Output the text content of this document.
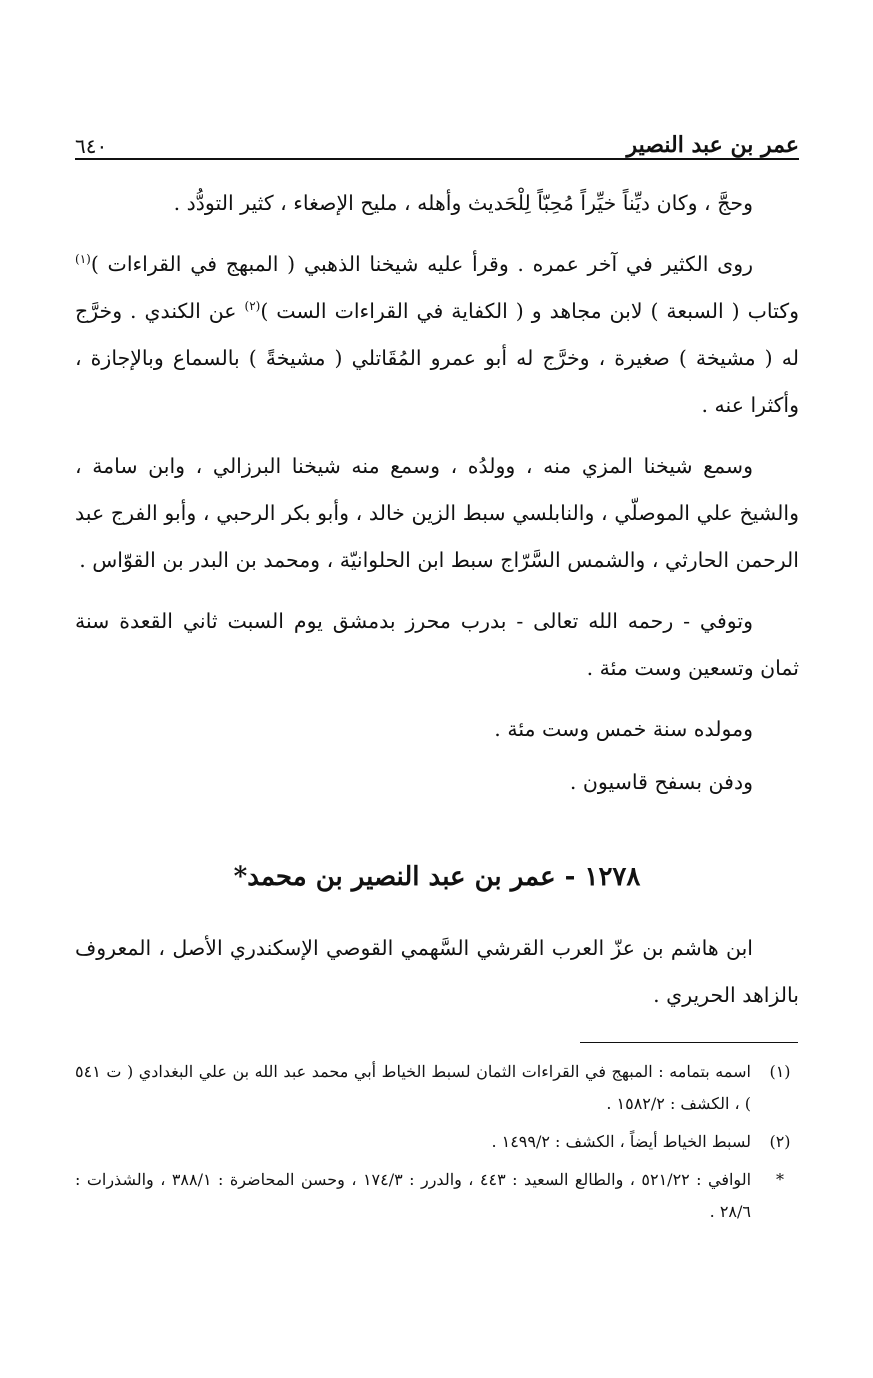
عمر بن عبد النصير
٦٤٠

وحجَّ ، وكان ديِّناً خيِّراً مُحِبّاً لِلْحَديث وأهله ، مليح الإصغاء ، كثير التودُّد .

روى الكثير في آخر عمره . وقرأ عليه شيخنا الذهبي ( المبهج في القراءات )$^{(١)}$ وكتاب ( السبعة ) لابن مجاهد و ( الكفاية في القراءات الست )$^{(٢)}$ عن الكندي . وخرَّج له ( مشيخة ) صغيرة ، وخرَّج له أبو عمرو المُقَاتلي ( مشيخةً ) بالسماع وبالإجازة ، وأكثرا عنه .

وسمع شيخنا المزي منه ، وولدُه ، وسمع منه شيخنا البرزالي ، وابن سامة ، والشيخ علي الموصلّي ، والنابلسي سبط الزين خالد ، وأبو بكر الرحبي ، وأبو الفرج عبد الرحمن الحارثي ، والشمس السَّرّاج سبط ابن الحلوانيّة ، ومحمد بن البدر بن القوّاس .

وتوفي - رحمه الله تعالى - بدرب محرز بدمشق يوم السبت ثاني القعدة سنة ثمان وتسعين وست مئة .

ومولده سنة خمس وست مئة .

ودفن بسفح قاسيون .

١٢٧٨ - عمر بن عبد النصير بن محمد*

ابن هاشم بن عزّ العرب القرشي السَّهمي القوصي الإسكندري الأصل ، المعروف بالزاهد الحريري .

(١)
اسمه بتمامه : المبهج في القراءات الثمان لسبط الخياط أبي محمد عبد الله بن علي البغدادي ( ت ٥٤١ ) ، الكشف : ١٥٨٢/٢ .
(٢)
لسبط الخياط أيضاً ، الكشف : ١٤٩٩/٢ .
*
الوافي : ٥٢١/٢٢ ، والطالع السعيد : ٤٤٣ ، والدرر : ١٧٤/٣ ، وحسن المحاضرة : ٣٨٨/١ ، والشذرات : ٢٨/٦ .
